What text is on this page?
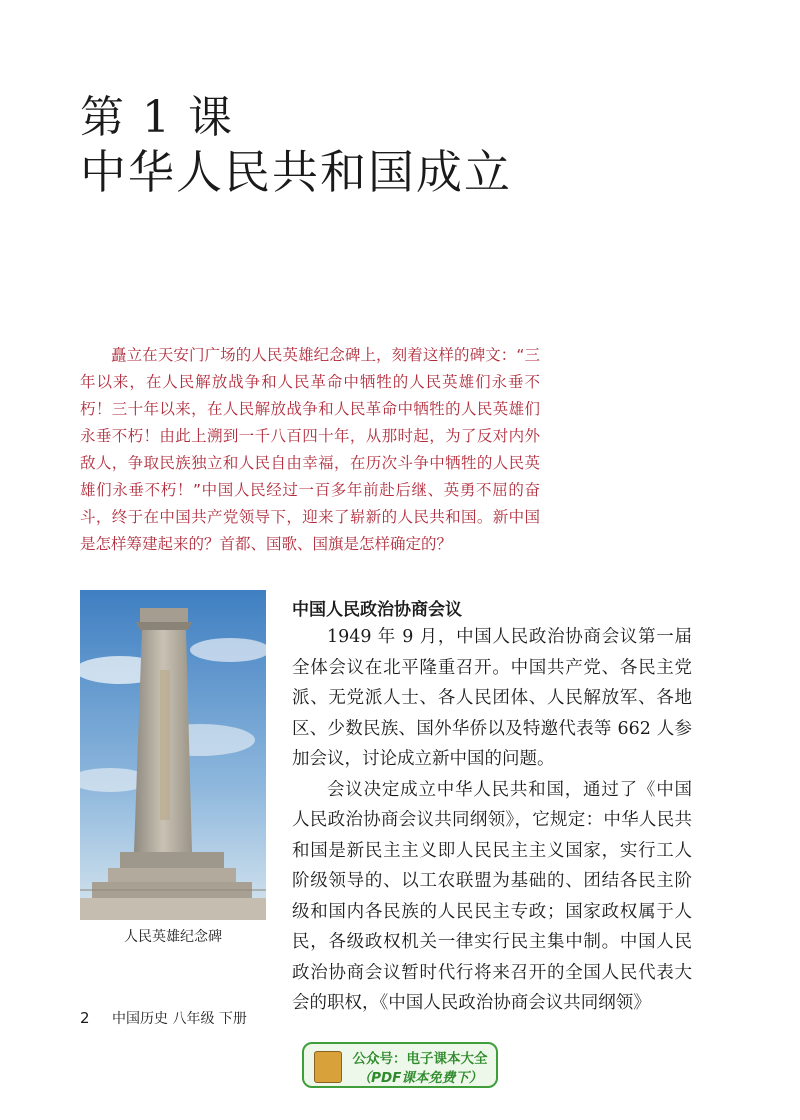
第 1 课
中华人民共和国成立

矗立在天安门广场的人民英雄纪念碑上，刻着这样的碑文：“三年以来，在人民解放战争和人民革命中牺牲的人民英雄们永垂不朽！三十年以来，在人民解放战争和人民革命中牺牲的人民英雄们永垂不朽！由此上溯到一千八百四十年，从那时起，为了反对内外敌人，争取民族独立和人民自由幸福，在历次斗争中牺牲的人民英雄们永垂不朽！”中国人民经过一百多年前赴后继、英勇不屈的奋斗，终于在中国共产党领导下，迎来了崭新的人民共和国。新中国是怎样筹建起来的？首都、国歌、国旗是怎样确定的？

人民英雄纪念碑
中国人民政治协商会议

1949 年 9 月，中国人民政治协商会议第一届全体会议在北平隆重召开。中国共产党、各民主党派、无党派人士、各人民团体、人民解放军、各地区、少数民族、国外华侨以及特邀代表等 662 人参加会议，讨论成立新中国的问题。

会议决定成立中华人民共和国，通过了《中国人民政治协商会议共同纲领》，它规定：中华人民共和国是新民主主义即人民民主主义国家，实行工人阶级领导的、以工农联盟为基础的、团结各民主阶级和国内各民族的人民民主专政；国家政权属于人民，各级政权机关一律实行民主集中制。中国人民政治协商会议暂时代行将来召开的全国人民代表大会的职权，《中国人民政治协商会议共同纲领》

2 中国历史 八年级 下册
公众号：电子课本大全
（PDF课本免费下）
